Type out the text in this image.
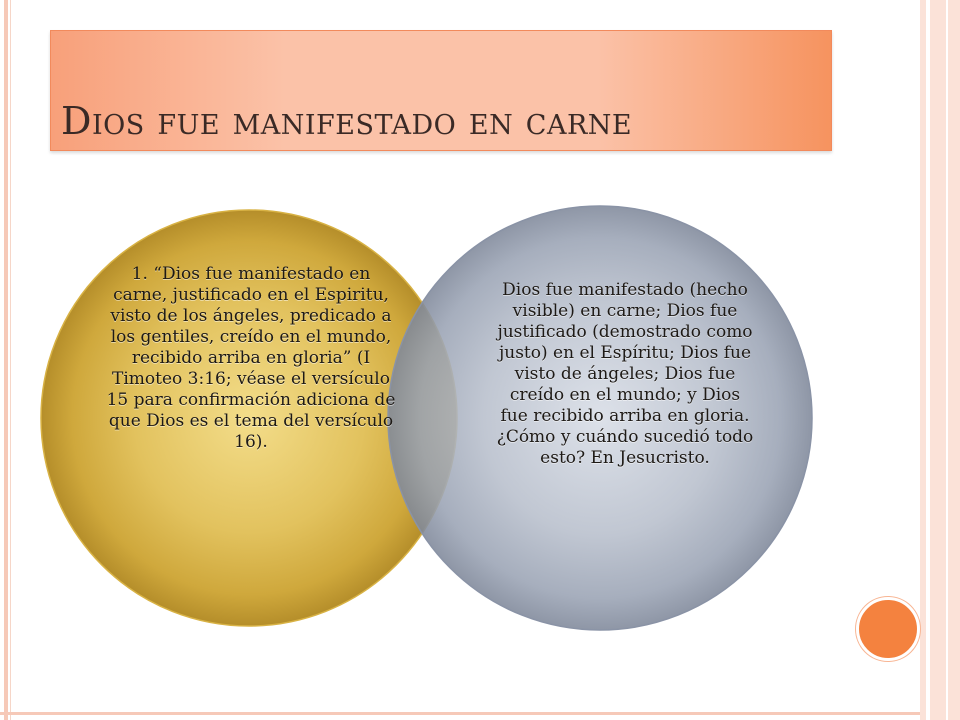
Dios fue manifestado en carne
1. “Dios fue manifestado en carne, justificado en el Espiritu, visto de los ángeles, predicado a los gentiles, creído en el mundo, recibido arriba en gloria” (I Timoteo 3:16; véase el versículo 15 para confirmación adiciona de que Dios es el tema del versículo 16).
Dios fue manifestado (hecho visible) en carne; Dios fue justificado (demostrado como justo) en el Espíritu; Dios fue visto de ángeles; Dios fue creído en el mundo; y Dios fue recibido arriba en gloria. ¿Cómo y cuándo sucedió todo esto? En Jesucristo.
